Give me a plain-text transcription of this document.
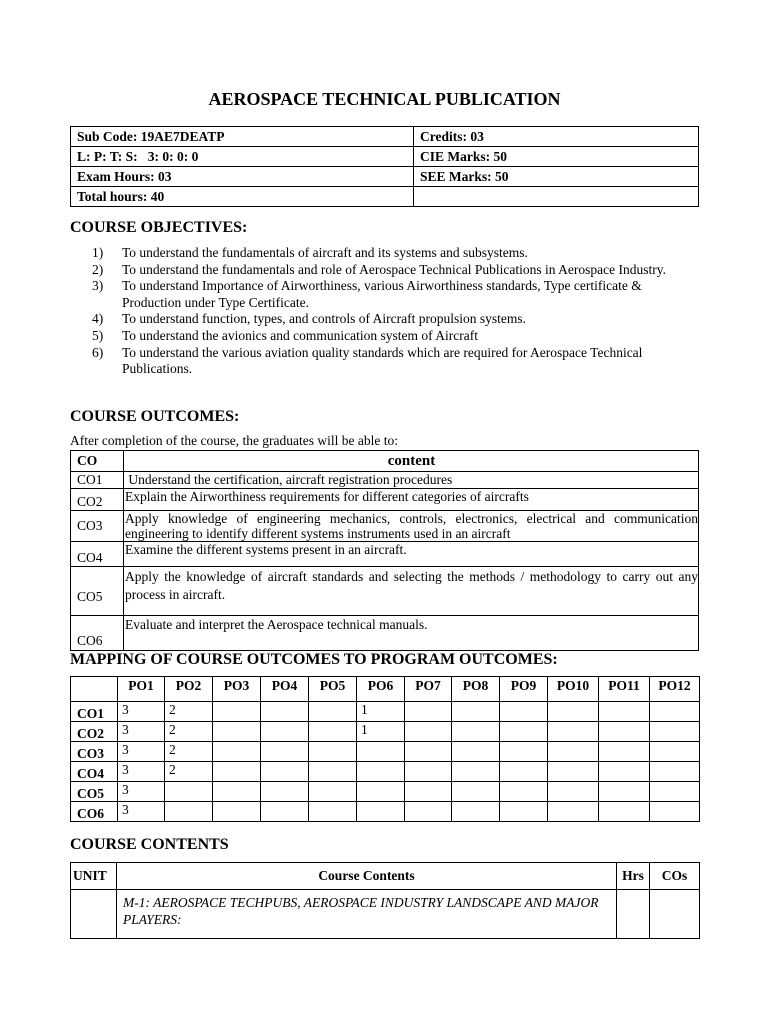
AEROSPACE TECHNICAL PUBLICATION
Sub Code: 19AE7DEATP	Credits: 03
L: P: T: S:   3: 0: 0: 0	CIE Marks: 50
Exam Hours: 03	SEE Marks: 50
Total hours: 40	
COURSE OBJECTIVES:
1) To understand the fundamentals of aircraft and its systems and subsystems.
2) To understand the fundamentals and role of Aerospace Technical Publications in Aerospace Industry.
3) To understand Importance of Airworthiness, various Airworthiness standards, Type certificate & Production under Type Certificate.
4) To understand function, types, and controls of Aircraft propulsion systems.
5) To understand the avionics and communication system of Aircraft
6) To understand the various aviation quality standards which are required for Aerospace Technical Publications.
COURSE OUTCOMES:
After completion of the course, the graduates will be able to:
CO	content
CO1	Understand the certification, aircraft registration procedures
CO2	Explain the Airworthiness requirements for different categories of aircrafts
CO3	Apply knowledge of engineering mechanics, controls, electronics, electrical and communication engineering to identify different systems instruments used in an aircraft
CO4	Examine the different systems present in an aircraft.
CO5	Apply the knowledge of aircraft standards and selecting the methods / methodology to carry out any process in aircraft.
CO6	Evaluate and interpret the Aerospace technical manuals.
MAPPING OF COURSE OUTCOMES TO PROGRAM OUTCOMES:
	PO1	PO2	PO3	PO4	PO5	PO6	PO7	PO8	PO9	PO10	PO11	PO12
CO1	3	2				1						
CO2	3	2				1						
CO3	3	2										
CO4	3	2										
CO5	3											
CO6	3											
COURSE CONTENTS
UNIT	Course Contents	Hrs	COs
	M-1: AEROSPACE TECHPUBS, AEROSPACE INDUSTRY LANDSCAPE AND MAJOR PLAYERS:		
